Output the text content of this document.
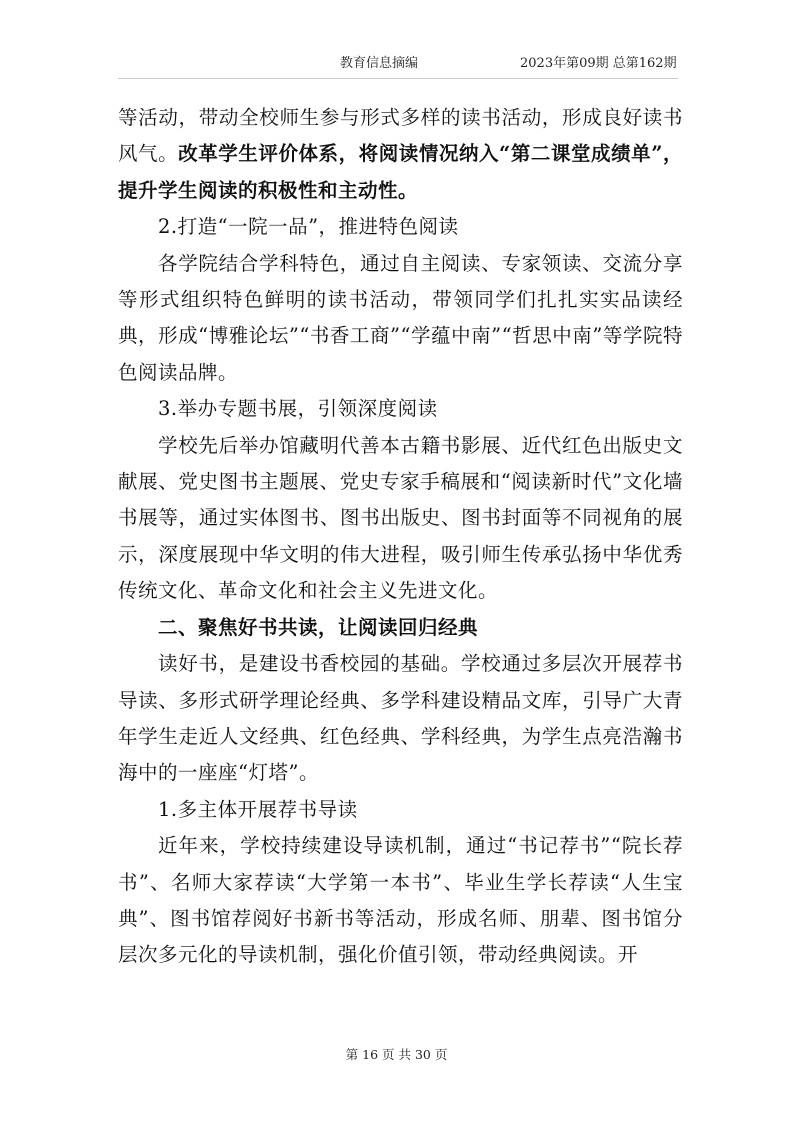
教育信息摘编	2023年第09期 总第162期

等活动，带动全校师生参与形式多样的读书活动，形成良好读书风气。改革学生评价体系，将阅读情况纳入“第二课堂成绩单”，提升学生阅读的积极性和主动性。

2.打造“一院一品”，推进特色阅读

各学院结合学科特色，通过自主阅读、专家领读、交流分享等形式组织特色鲜明的读书活动，带领同学们扎扎实实品读经典，形成“博雅论坛”“书香工商”“学蕴中南”“哲思中南”等学院特色阅读品牌。

3.举办专题书展，引领深度阅读

学校先后举办馆藏明代善本古籍书影展、近代红色出版史文献展、党史图书主题展、党史专家手稿展和“阅读新时代”文化墙书展等，通过实体图书、图书出版史、图书封面等不同视角的展示，深度展现中华文明的伟大进程，吸引师生传承弘扬中华优秀传统文化、革命文化和社会主义先进文化。

二、聚焦好书共读，让阅读回归经典

读好书，是建设书香校园的基础。学校通过多层次开展荐书导读、多形式研学理论经典、多学科建设精品文库，引导广大青年学生走近人文经典、红色经典、学科经典，为学生点亮浩瀚书海中的一座座“灯塔”。

1.多主体开展荐书导读

近年来，学校持续建设导读机制，通过“书记荐书”“院长荐书”、名师大家荐读“大学第一本书”、毕业生学长荐读“人生宝典”、图书馆荐阅好书新书等活动，形成名师、朋辈、图书馆分层次多元化的导读机制，强化价值引领，带动经典阅读。开

第 16 页 共 30 页
